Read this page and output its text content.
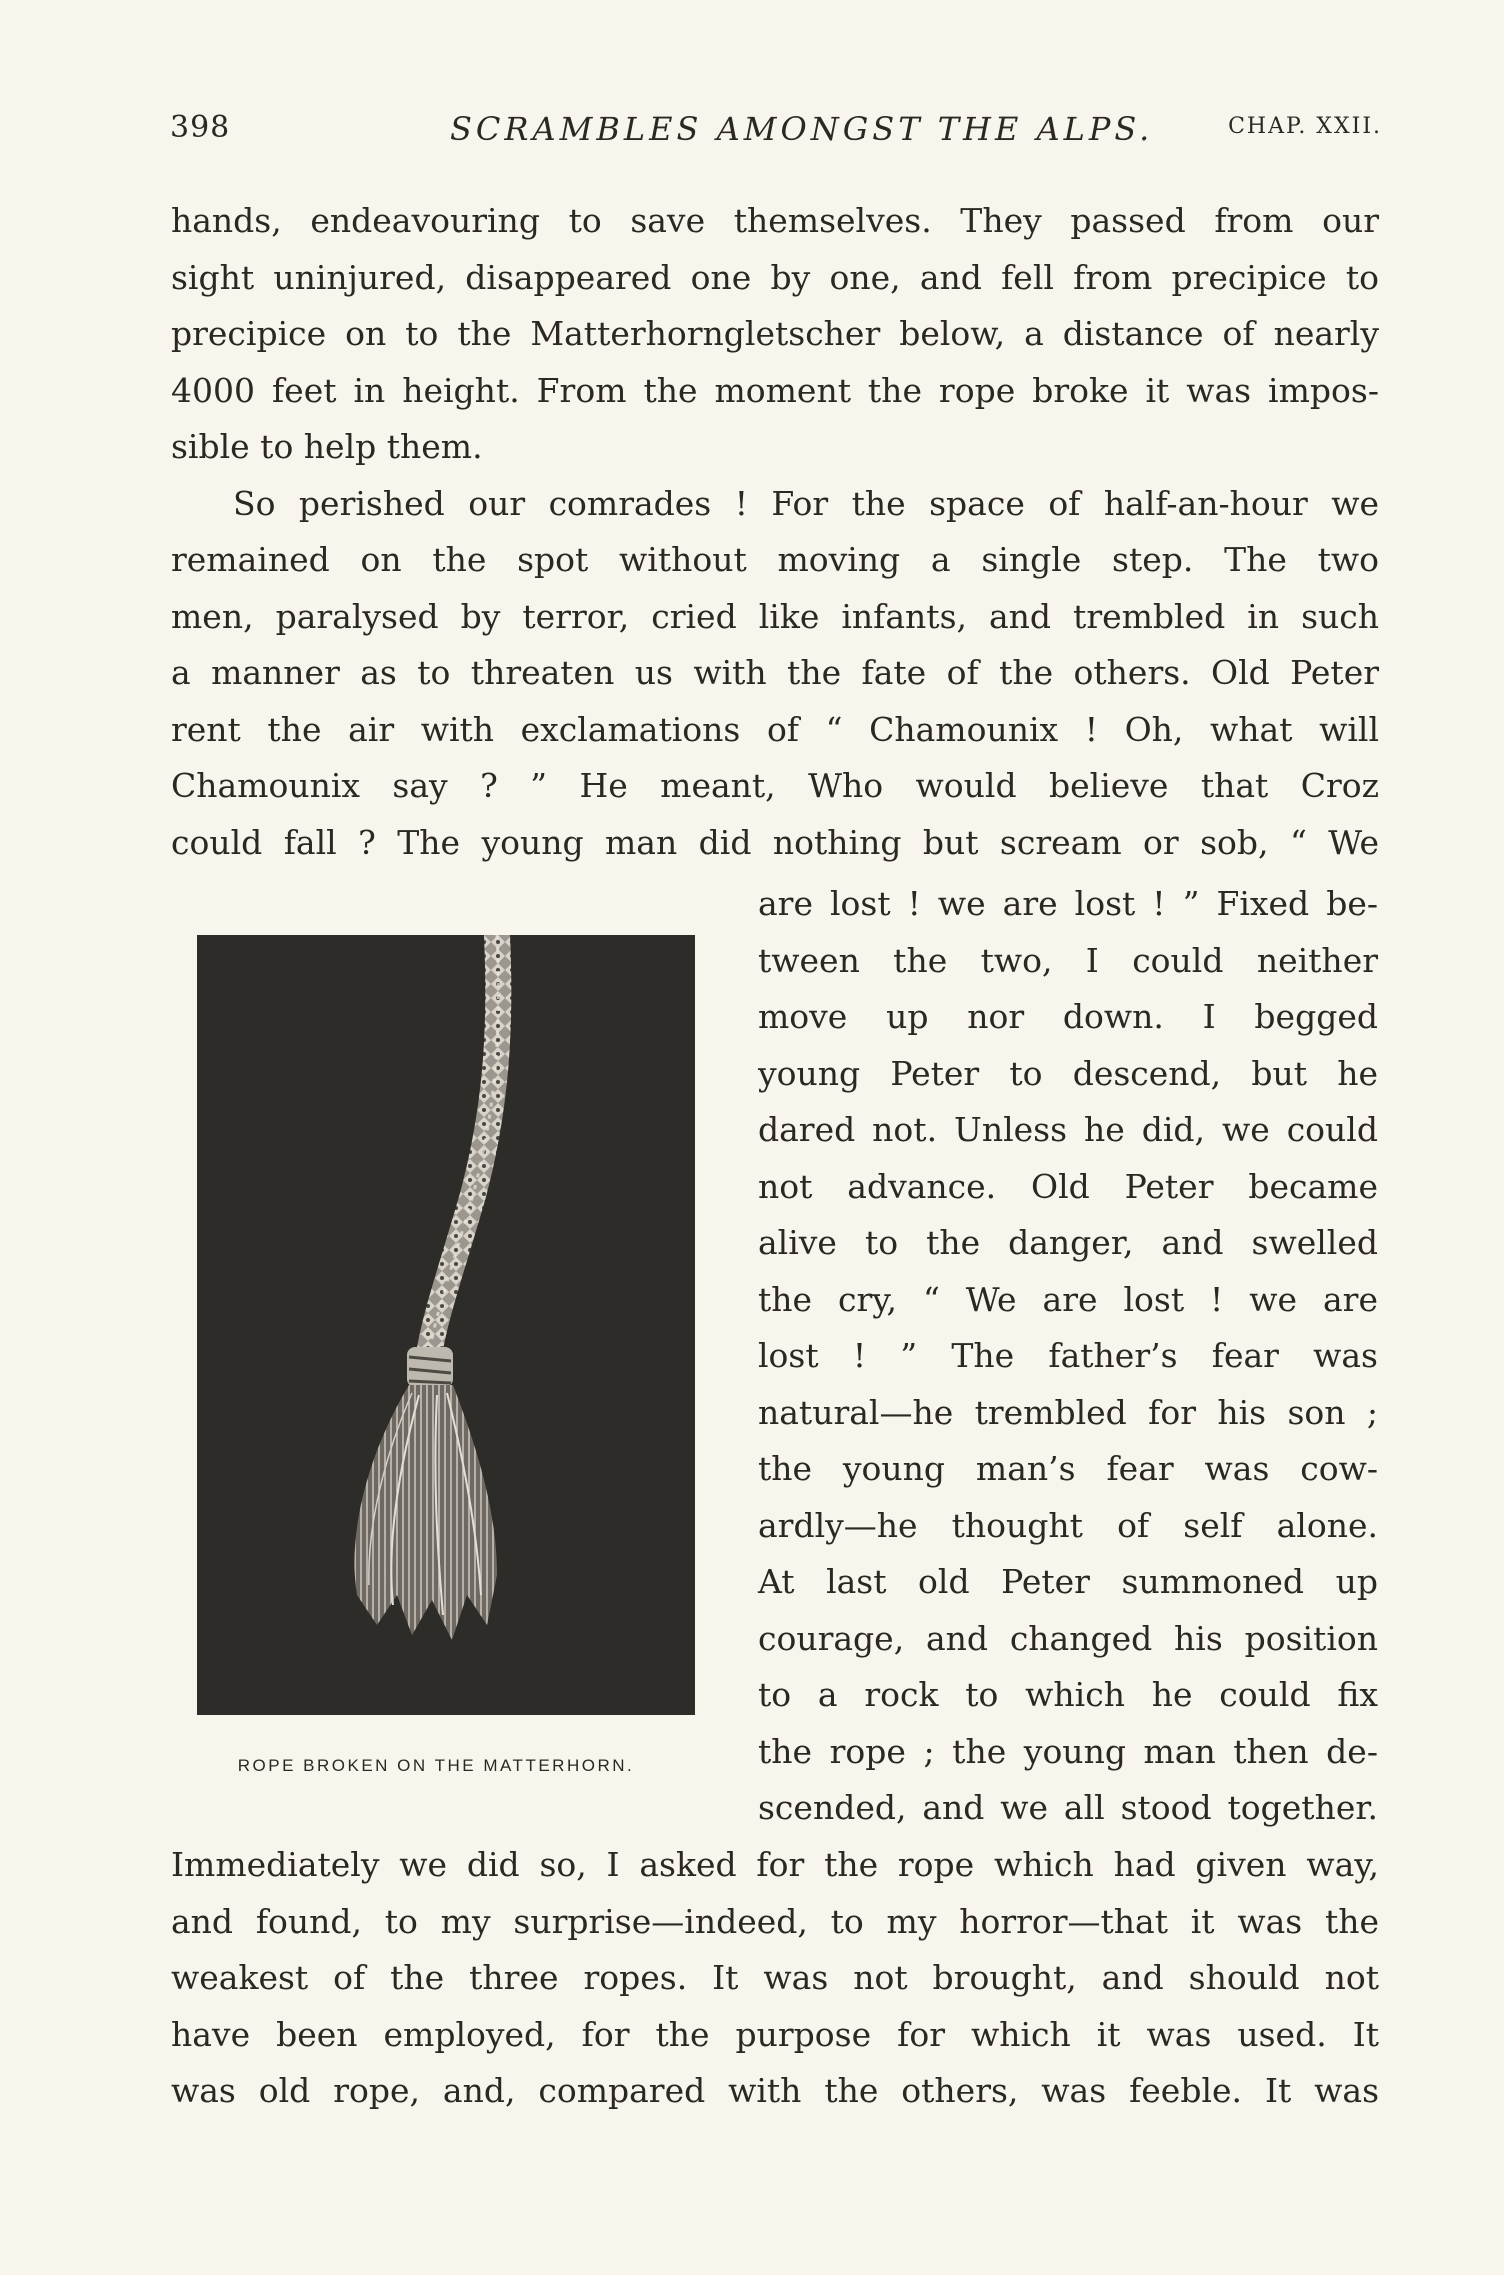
398	SCRAMBLES AMONGST THE ALPS.	CHAP. XXII.
hands, endeavouring to save themselves. They passed from our
sight uninjured, disappeared one by one, and fell from precipice to
precipice on to the Matterhorngletscher below, a distance of nearly
4000 feet in height. From the moment the rope broke it was impos-
sible to help them.
So perished our comrades ! For the space of half-an-hour we
remained on the spot without moving a single step. The two
men, paralysed by terror, cried like infants, and trembled in such
a manner as to threaten us with the fate of the others. Old Peter
rent the air with exclamations of “ Chamounix ! Oh, what will
Chamounix say ? ” He meant, Who would believe that Croz
could fall ? The young man did nothing but scream or sob, “ We
ROPE BROKEN ON THE MATTERHORN.
are lost ! we are lost ! ” Fixed be-
tween the two, I could neither
move up nor down. I begged
young Peter to descend, but he
dared not. Unless he did, we could
not advance. Old Peter became
alive to the danger, and swelled
the cry, “ We are lost ! we are
lost ! ” The father’s fear was
natural—he trembled for his son ;
the young man’s fear was cow-
ardly—he thought of self alone.
At last old Peter summoned up
courage, and changed his position
to a rock to which he could fix
the rope ; the young man then de-
scended, and we all stood together.
Immediately we did so, I asked for the rope which had given way,
and found, to my surprise—indeed, to my horror—that it was the
weakest of the three ropes. It was not brought, and should not
have been employed, for the purpose for which it was used. It
was old rope, and, compared with the others, was feeble. It was
